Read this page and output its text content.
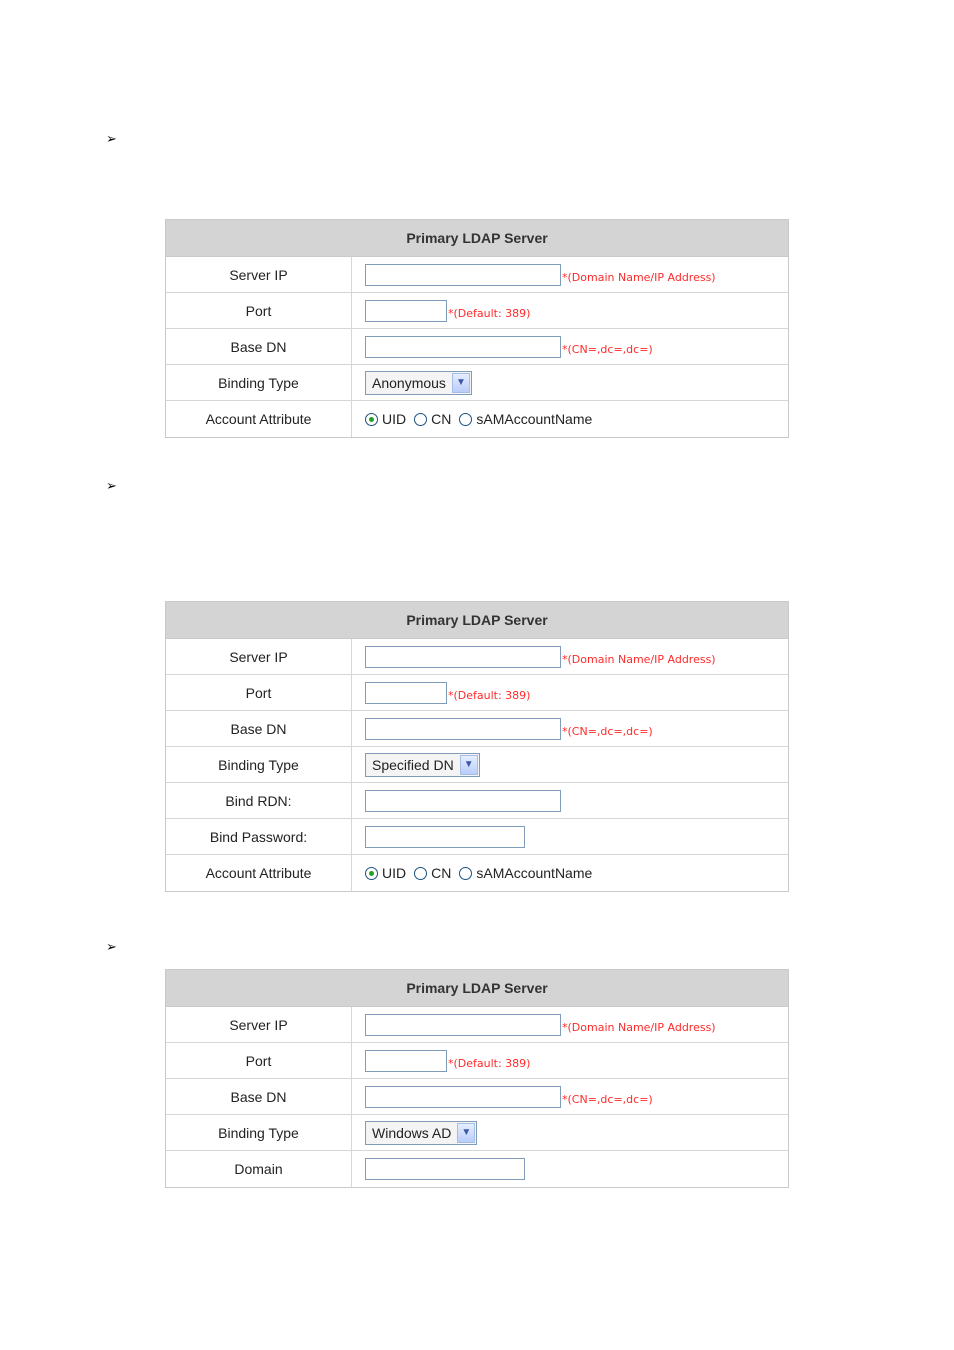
➢
Primary LDAP Server
Server IP	*(Domain Name/IP Address)
Port	*(Default: 389)
Base DN	*(CN=,dc=,dc=)
Binding Type	Anonymous	▼
Account Attribute	UID CN sAMAccountName
➢
Primary LDAP Server
Server IP	*(Domain Name/IP Address)
Port	*(Default: 389)
Base DN	*(CN=,dc=,dc=)
Binding Type	Specified DN	▼
Bind RDN:
Bind Password:
Account Attribute	UID CN sAMAccountName
➢
Primary LDAP Server
Server IP	*(Domain Name/IP Address)
Port	*(Default: 389)
Base DN	*(CN=,dc=,dc=)
Binding Type	Windows AD	▼
Domain
